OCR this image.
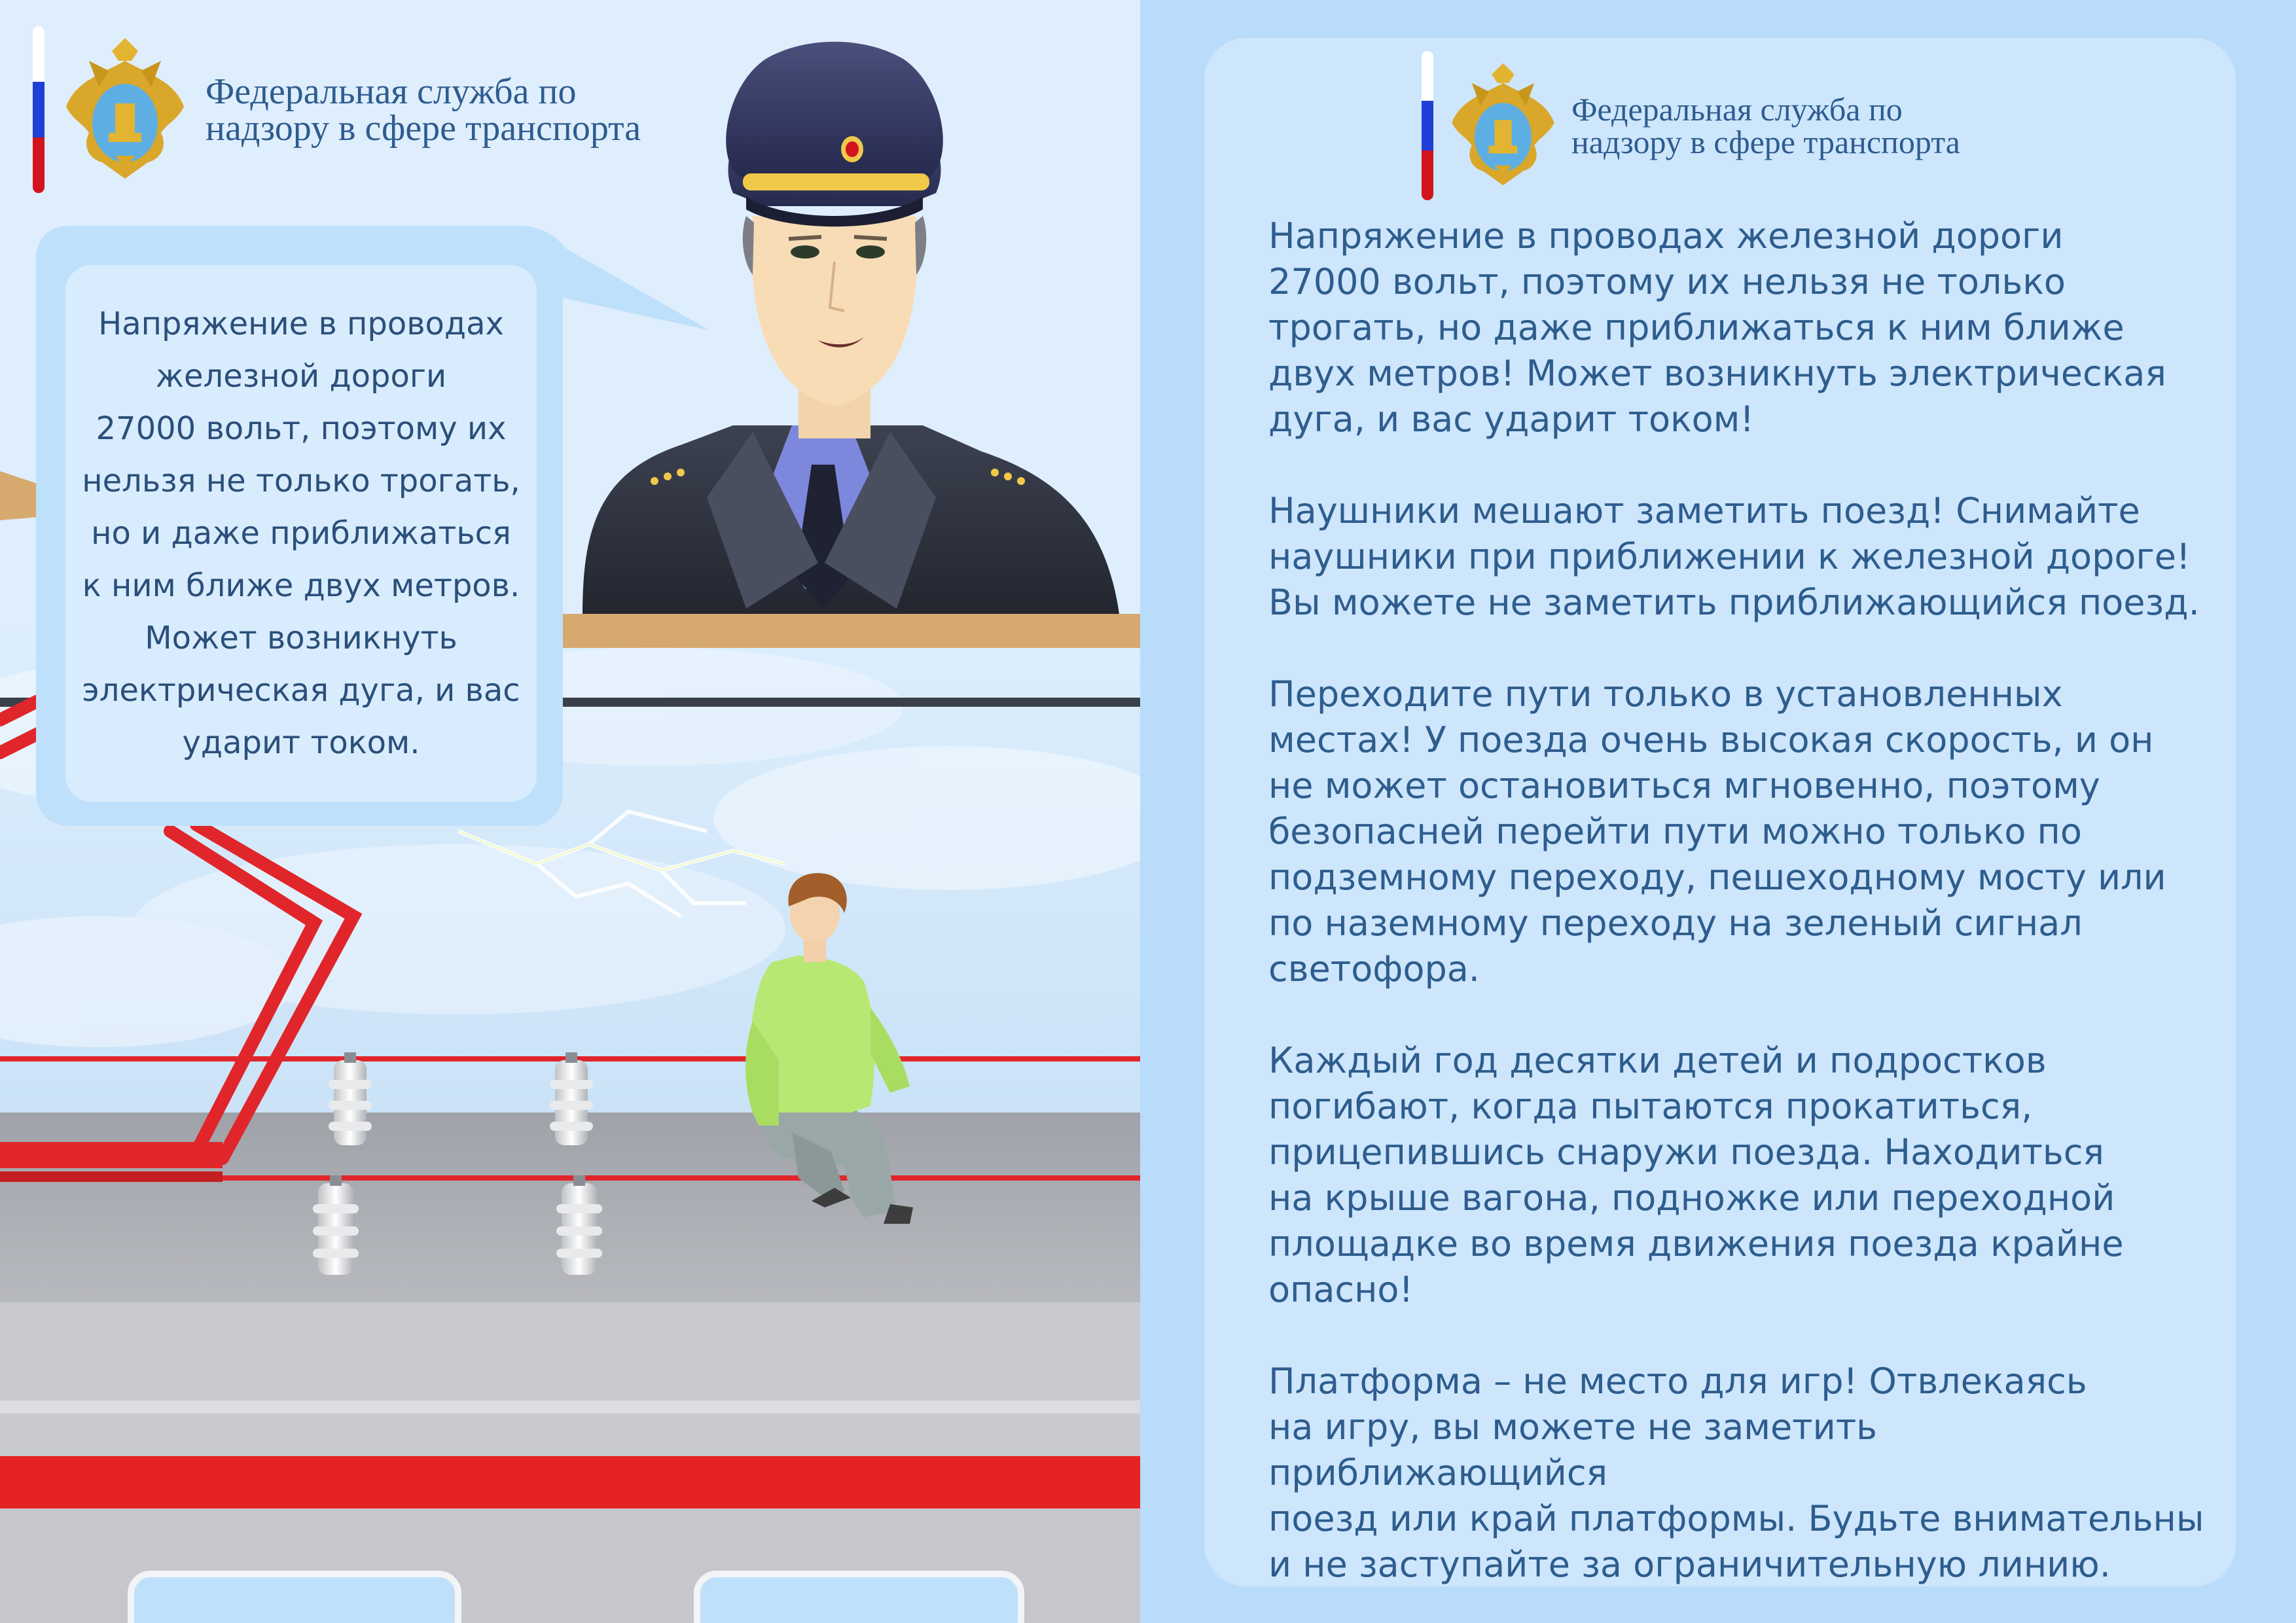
Федеральная служба по
надзору в сфере транспорта
Напряжение в проводах
железной дороги
27000 вольт, поэтому их
нельзя не только трогать,
но и даже приближаться
к ним ближе двух метров.
Может возникнуть
электрическая дуга, и вас
ударит током.
Федеральная служба по
надзору в сфере транспорта

Напряжение в проводах железной дороги
27000 вольт, поэтому их нельзя не только
трогать, но даже приближаться к ним ближе
двух метров! Может возникнуть электрическая
дуга, и вас ударит током!

Наушники мешают заметить поезд! Снимайте
наушники при приближении к железной дороге!
Вы можете не заметить приближающийся поезд.

Переходите пути только в установленных
местах! У поезда очень высокая скорость, и он
не может остановиться мгновенно, поэтому
безопасней перейти пути можно только по
подземному переходу, пешеходному мосту или
по наземному переходу на зеленый сигнал
светофора.

Каждый год десятки детей и подростков
погибают, когда пытаются прокатиться,
прицепившись снаружи поезда. Находиться
на крыше вагона, подножке или переходной
площадке во время движения поезда крайне
опасно!

Платформа – не место для игр! Отвлекаясь
на игру, вы можете не заметить приближающийся
поезд или край платформы. Будьте внимательны
и не заступайте за ограничительную линию.
